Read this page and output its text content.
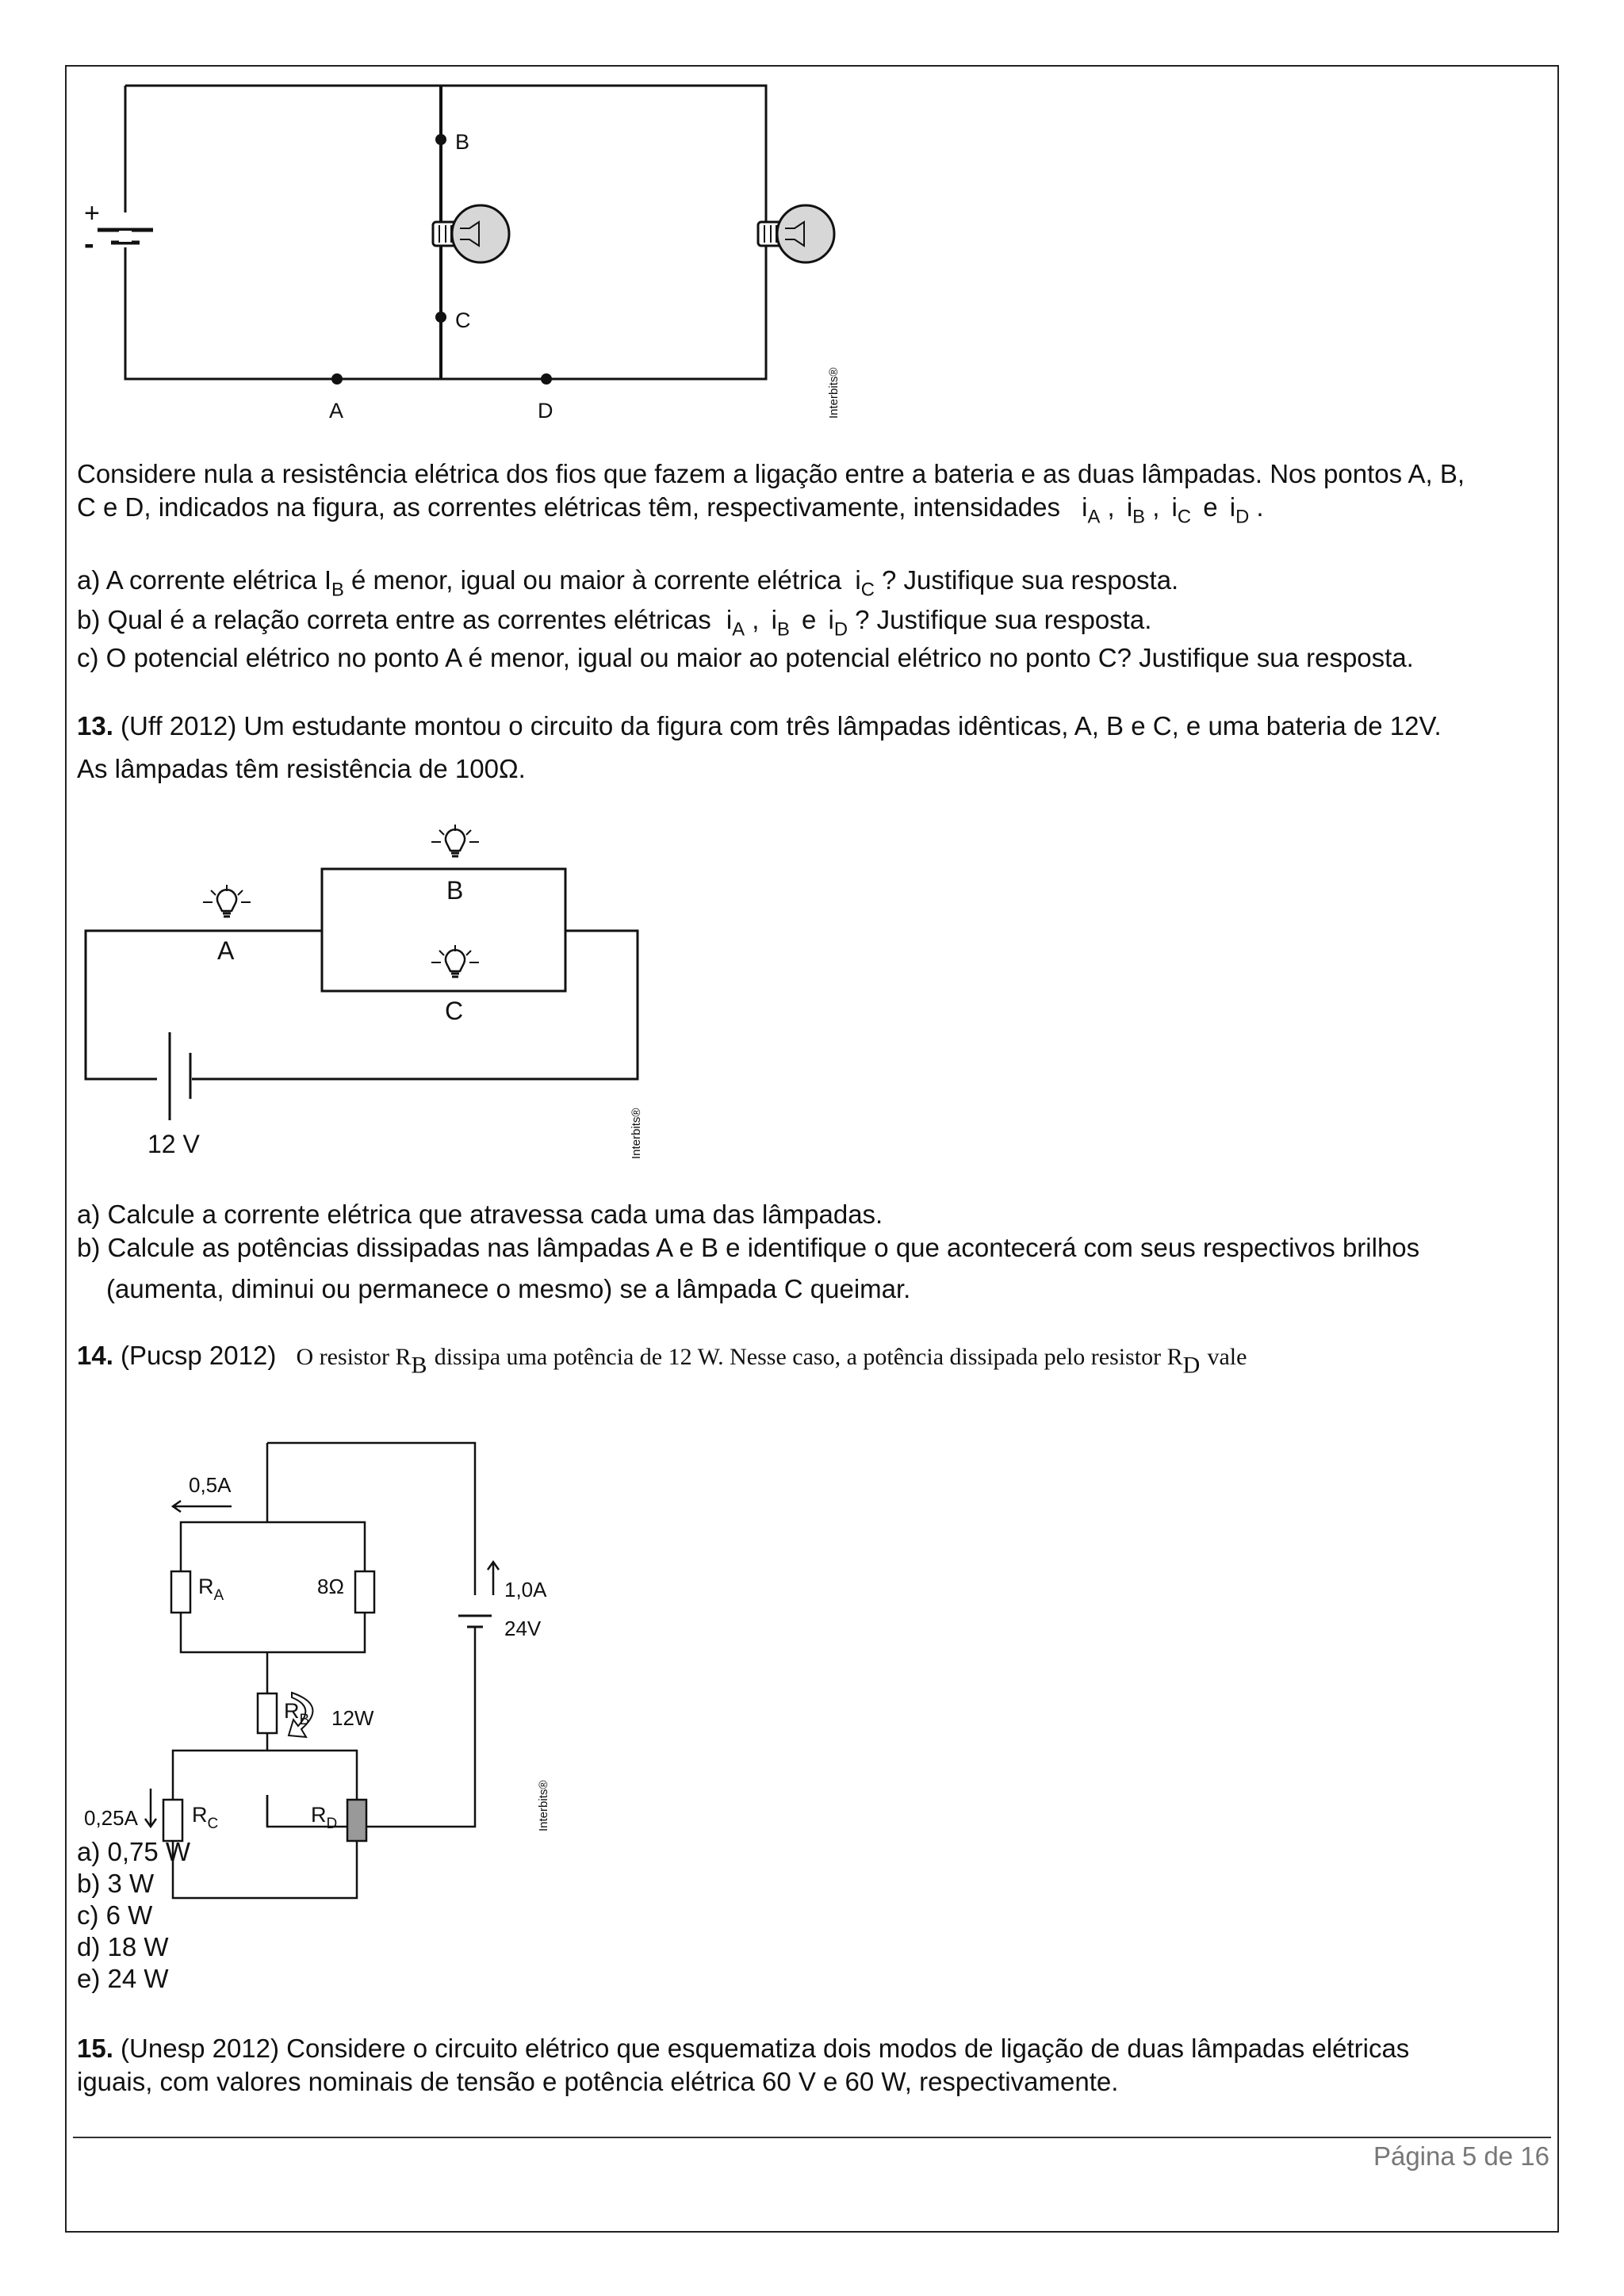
+
-
B
C
A	D	Interbits®
Considere nula a resistência elétrica dos fios que fazem a ligação entre a bateria e as duas lâmpadas. Nos pontos A, B,
C e D, indicados na figura, as correntes elétricas têm, respectivamente, intensidades $i_A$ , $i_B$ , $i_C$ e $i_D$ .
a) A corrente elétrica $I_B$ é menor, igual ou maior à corrente elétrica $i_C$ ? Justifique sua resposta.
b) Qual é a relação correta entre as correntes elétricas $i_A$ , $i_B$ e $i_D$ ? Justifique sua resposta.
c) O potencial elétrico no ponto A é menor, igual ou maior ao potencial elétrico no ponto C? Justifique sua resposta.
13. (Uff 2012) Um estudante montou o circuito da figura com três lâmpadas idênticas, A, B e C, e uma bateria de 12V.
As lâmpadas têm resistência de 100Ω.
A
B
C
12 V	Interbits®
a) Calcule a corrente elétrica que atravessa cada uma das lâmpadas.
b) Calcule as potências dissipadas nas lâmpadas A e B e identifique o que acontecerá com seus respectivos brilhos
(aumenta, diminui ou permanece o mesmo) se a lâmpada C queimar.
14. (Pucsp 2012) O resistor $R_B$ dissipa uma potência de 12 W. Nesse caso, a potência dissipada pelo resistor $R_D$ vale
0,5A
$R_A$	8Ω
$R_B$ 12W
1,0A
24V
0,25A	$R_C$	$R_D$	Interbits®
a) 0,75 W
b) 3 W
c) 6 W
d) 18 W
e) 24 W
15. (Unesp 2012) Considere o circuito elétrico que esquematiza dois modos de ligação de duas lâmpadas elétricas
iguais, com valores nominais de tensão e potência elétrica 60 V e 60 W, respectivamente.
Página 5 de 16
